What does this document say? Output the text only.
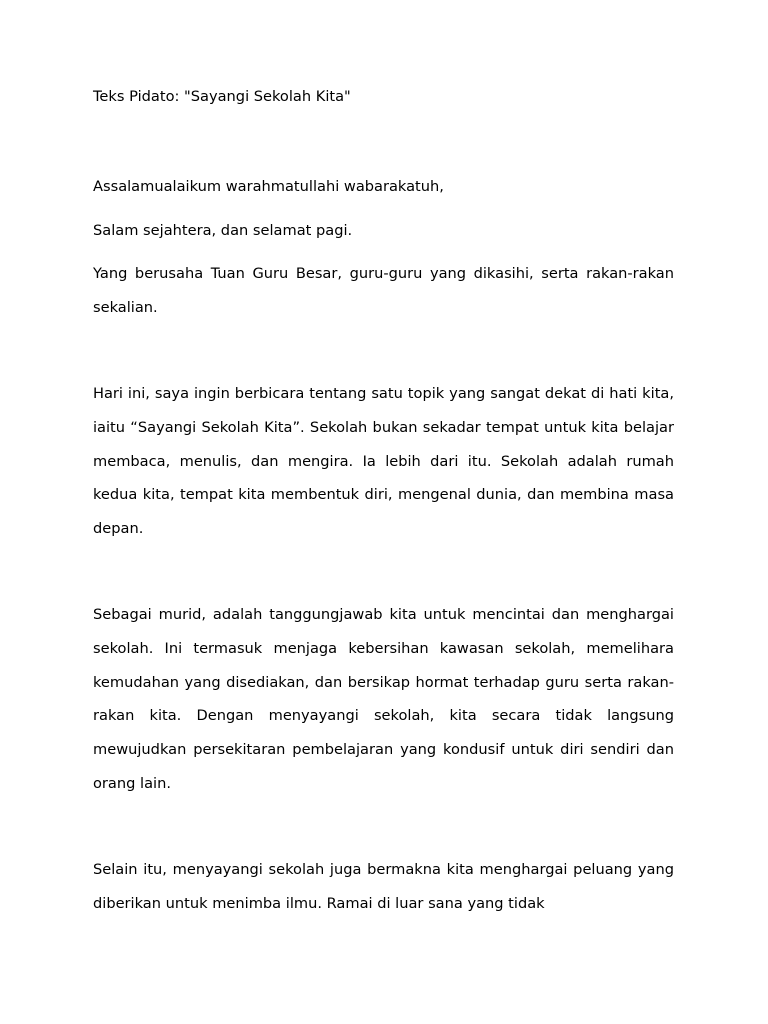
Teks Pidato: "Sayangi Sekolah Kita"

Assalamualaikum warahmatullahi wabarakatuh,

Salam sejahtera, dan selamat pagi.

Yang berusaha Tuan Guru Besar, guru-guru yang dikasihi, serta rakan-rakan sekalian.

Hari ini, saya ingin berbicara tentang satu topik yang sangat dekat di hati kita, iaitu “Sayangi Sekolah Kita”. Sekolah bukan sekadar tempat untuk kita belajar membaca, menulis, dan mengira. Ia lebih dari itu. Sekolah adalah rumah kedua kita, tempat kita membentuk diri, mengenal dunia, dan membina masa depan.

Sebagai murid, adalah tanggungjawab kita untuk mencintai dan menghargai sekolah. Ini termasuk menjaga kebersihan kawasan sekolah, memelihara kemudahan yang disediakan, dan bersikap hormat terhadap guru serta rakan-rakan kita. Dengan menyayangi sekolah, kita secara tidak langsung mewujudkan persekitaran pembelajaran yang kondusif untuk diri sendiri dan orang lain.

Selain itu, menyayangi sekolah juga bermakna kita menghargai peluang yang diberikan untuk menimba ilmu. Ramai di luar sana yang tidak
